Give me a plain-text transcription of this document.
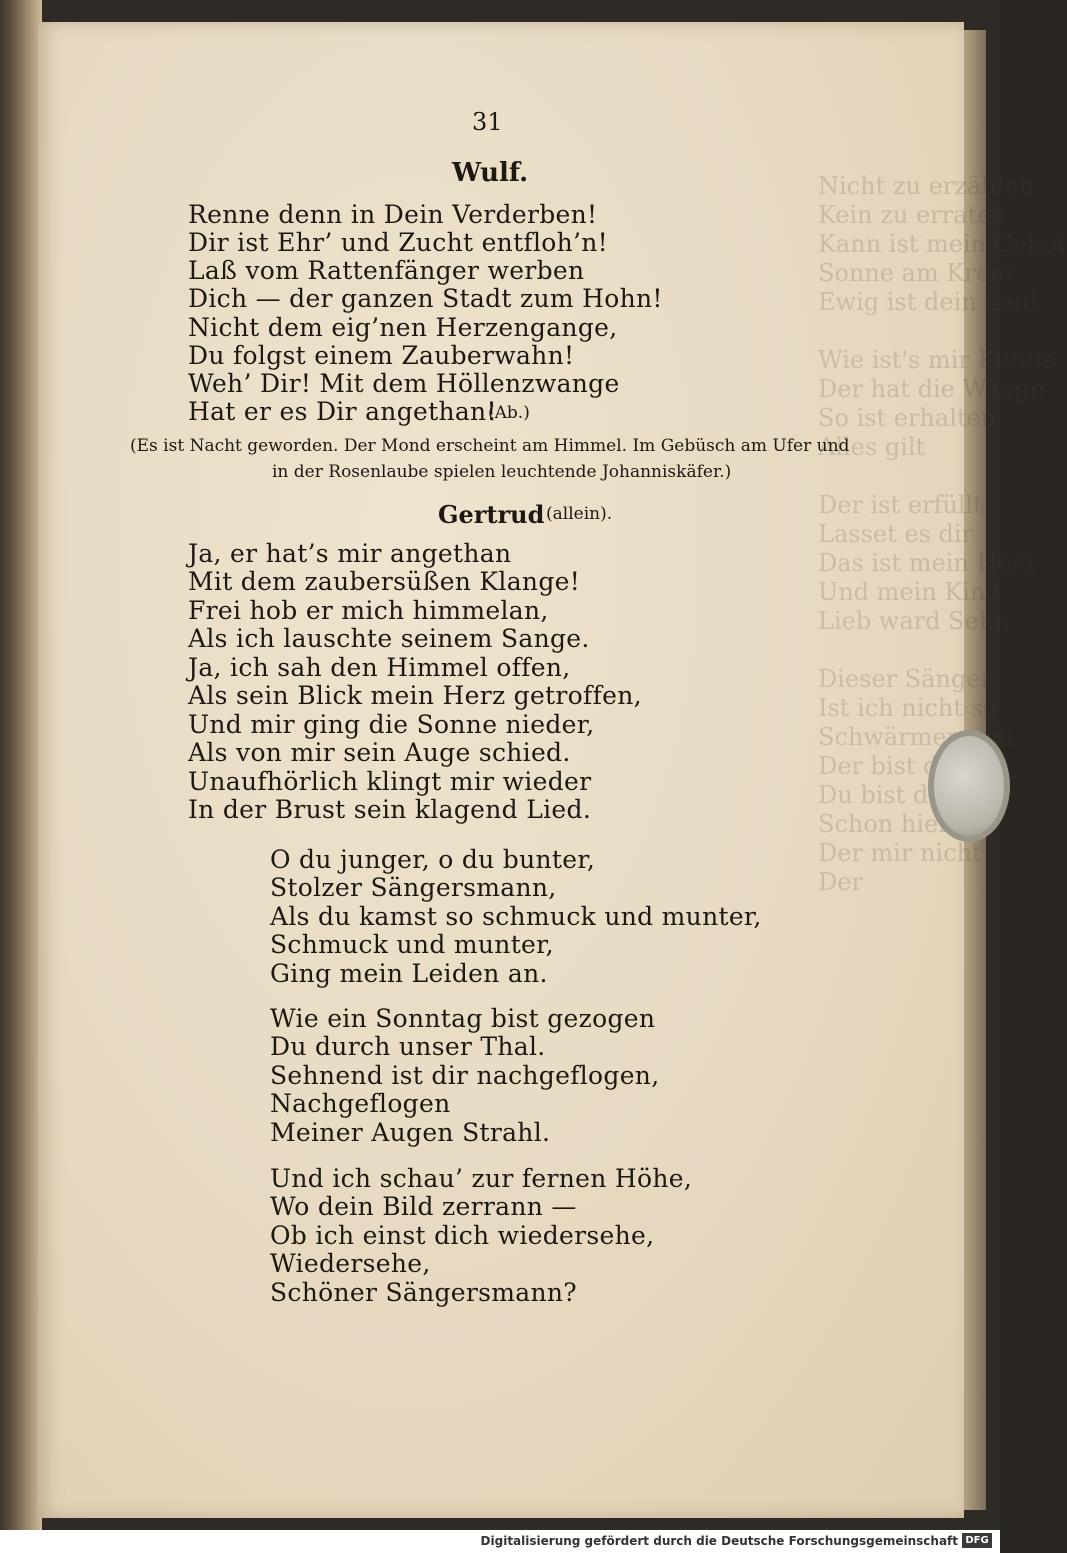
Nicht zu
Kein zu erraten
Kann ist mein Gebot
Sonne am
Ewig ist dein Leid

Wie ist's mir Kunde
Der hat die Wange
So ist erhalten
Alles gilt

Der ist erfüllt
Lasset es dir
Das ist mein Herz
Und mein
Lieb ward

Dieser Sänger
Ist ich nicht
Schwärmen,
Der bist
Du bist
Schon hier
Der mir nicht
Der

31

Wulf.

Renne denn in Dein Verderben!

Dir ist Ehr’ und Zucht entfloh’n!

Laß vom Rattenfänger werben

Dich — der ganzen Stadt zum Hohn!

Nicht dem eig’nen Herzengange,

Du folgst einem Zauberwahn!

Weh’ Dir! Mit dem Höllenzwange

Hat er es Dir angethan!

(Ab.)

(Es ist Nacht geworden. Der Mond erscheint am Himmel. Im Gebüsch am Ufer und

in der Rosenlaube spielen leuchtende Johanniskäfer.)

Gertrud (allein).

Ja, er hat’s mir angethan

Mit dem zaubersüßen Klange!

Frei hob er mich himmelan,

Als ich lauschte seinem Sange.

Ja, ich sah den Himmel offen,

Als sein Blick mein Herz getroffen,

Und mir ging die Sonne nieder,

Als von mir sein Auge schied.

Unaufhörlich klingt mir wieder

In der Brust sein klagend Lied.

O du junger, o du bunter,

Stolzer Sängersmann,

Als du kamst so schmuck und munter,

Schmuck und munter,

Ging mein Leiden an.

Wie ein Sonntag bist gezogen

Du durch unser Thal.

Sehnend ist dir nachgeflogen,

Nachgeflogen

Meiner Augen Strahl.

Und ich schau’ zur fernen Höhe,

Wo dein Bild zerrann —

Ob ich einst dich wiedersehe,

Wiedersehe,

Schöner Sängersmann?

Digitalisierung gefördert durch die Deutsche Forschungsgemeinschaft DFG
